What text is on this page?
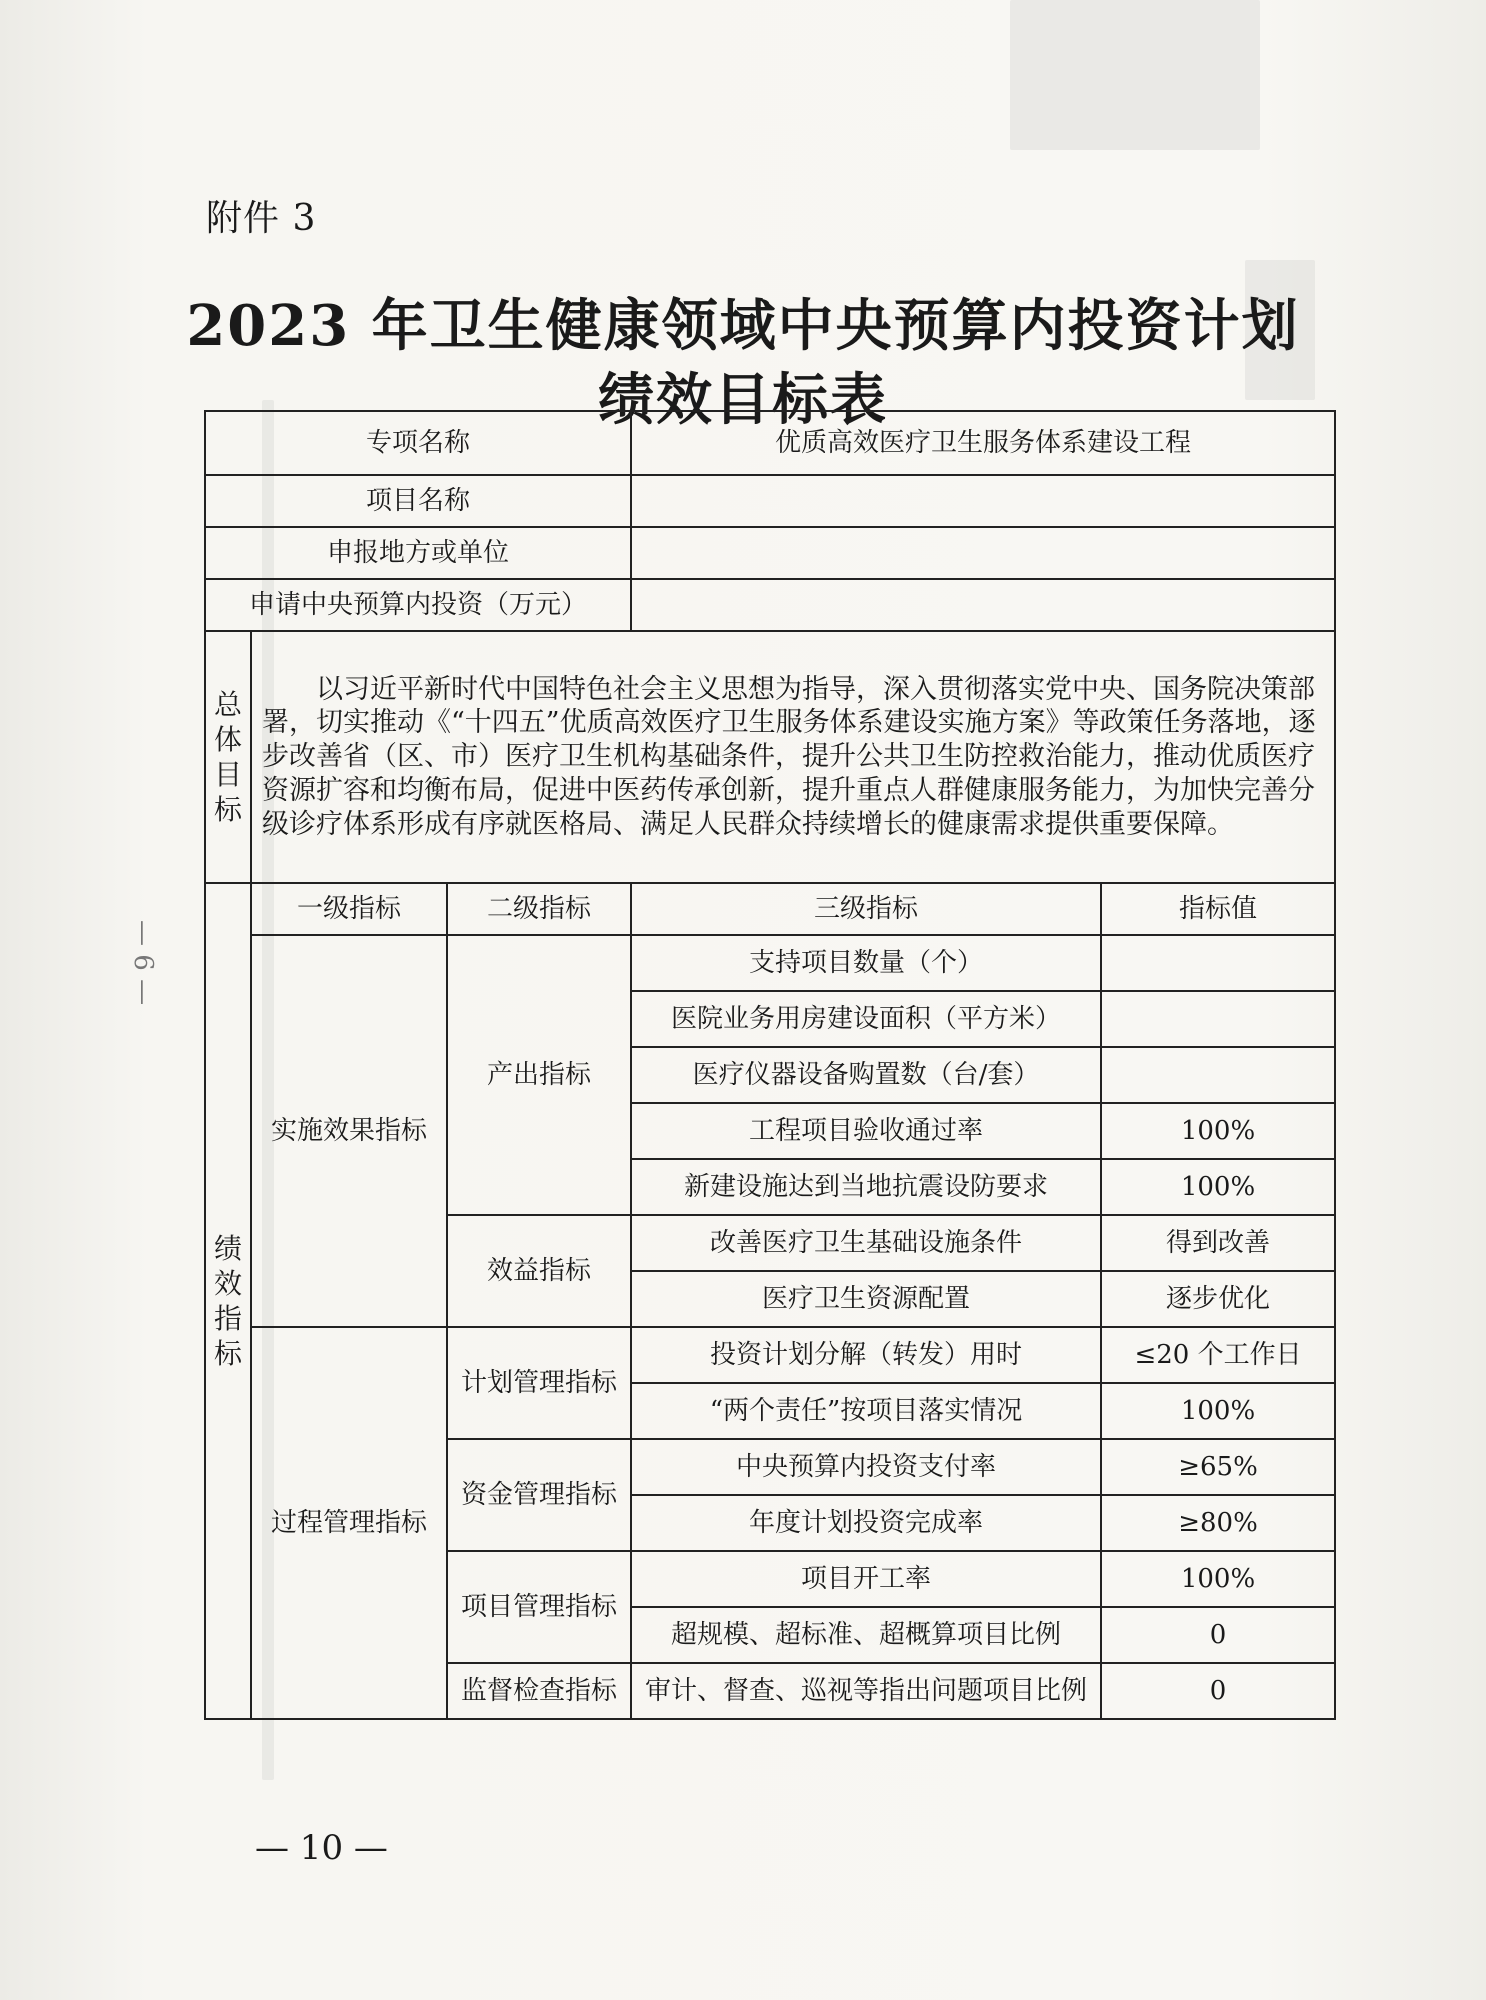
— 6 —
附件 3
2023 年卫生健康领域中央预算内投资计划
绩效目标表
专项名称			优质高效医疗卫生服务体系建设工程	
项目名称				
申报地方或单位				
申请中央预算内投资（万元）				
总
体
目
标	以习近平新时代中国特色社会主义思想为指导，深入贯彻落实党中央、国务院决策部署，切实推动《“十四五”优质高效医疗卫生服务体系建设实施方案》等政策任务落地，逐步改善省（区、市）医疗卫生机构基础条件，提升公共卫生防控救治能力，推动优质医疗资源扩容和均衡布局，促进中医药传承创新，提升重点人群健康服务能力，为加快完善分级诊疗体系形成有序就医格局、满足人民群众持续增长的健康需求提供重要保障。			
绩
效
指
标	一级指标	二级指标	三级指标	指标值
	实施效果指标	产出指标	支持项目数量（个）	
			医院业务用房建设面积（平方米）	
			医疗仪器设备购置数（台/套）	
			工程项目验收通过率	100%
			新建设施达到当地抗震设防要求	100%
		效益指标	改善医疗卫生基础设施条件	得到改善
			医疗卫生资源配置	逐步优化
	过程管理指标	计划管理指标	投资计划分解（转发）用时	≤20 个工作日
			“两个责任”按项目落实情况	100%
		资金管理指标	中央预算内投资支付率	≥65%
			年度计划投资完成率	≥80%
		项目管理指标	项目开工率	100%
			超规模、超标准、超概算项目比例	0
		监督检查指标	审计、督查、巡视等指出问题项目比例	0
— 10 —
